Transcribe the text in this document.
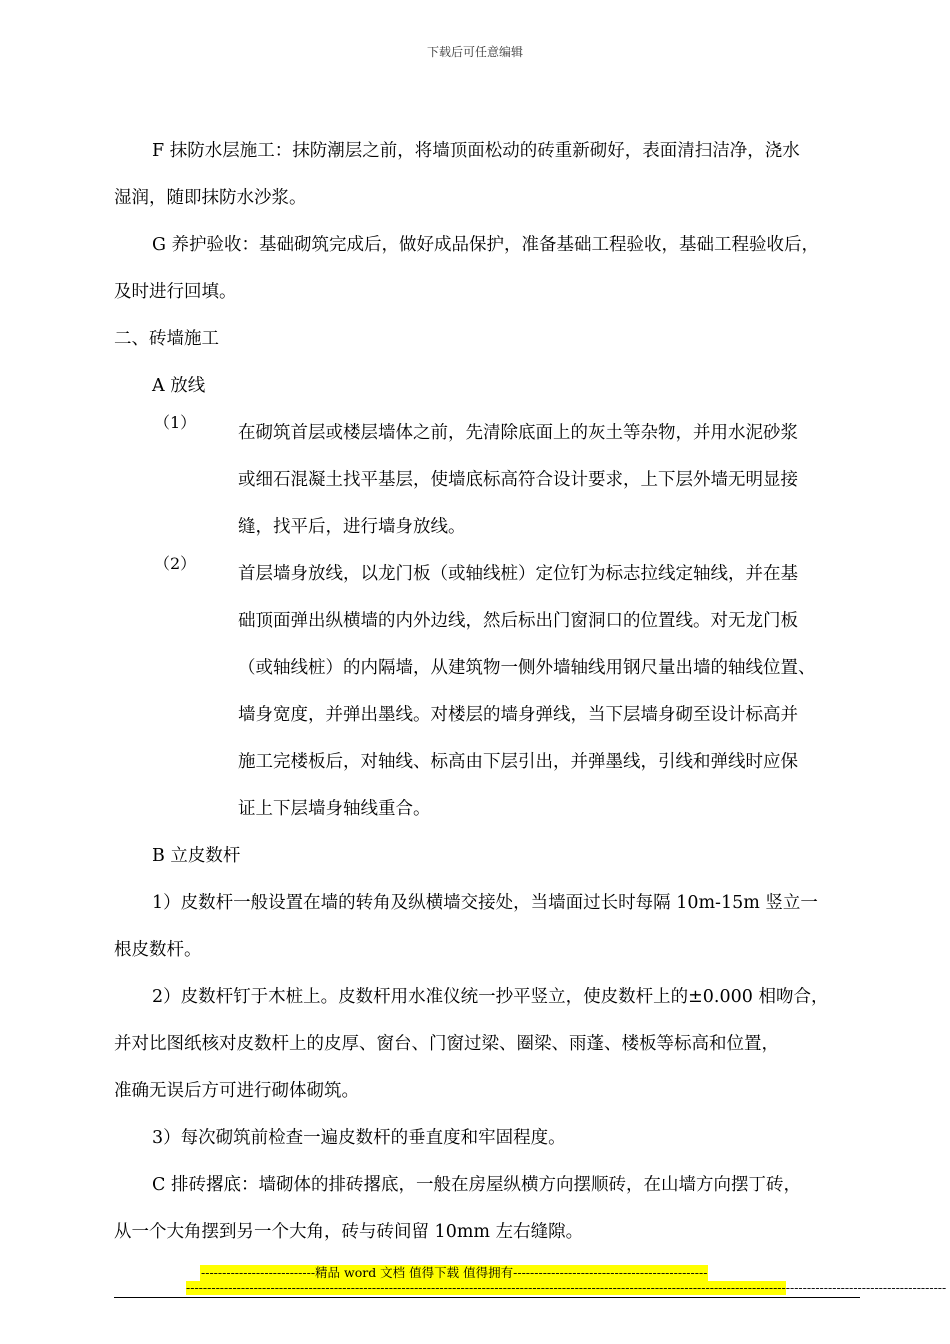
下载后可任意编辑

F 抹防水层施工：抹防潮层之前，将墙顶面松动的砖重新砌好，表面清扫洁净，浇水

湿润，随即抹防水沙浆。

G 养护验收：基础砌筑完成后，做好成品保护，准备基础工程验收，基础工程验收后，

及时进行回填。

二、砖墙施工

A 放线

（1）

在砌筑首层或楼层墙体之前，先清除底面上的灰土等杂物，并用水泥砂浆

或细石混凝土找平基层，使墙底标高符合设计要求，上下层外墙无明显接

缝，找平后，进行墙身放线。

（2）

首层墙身放线，以龙门板（或轴线桩）定位钉为标志拉线定轴线，并在基

础顶面弹出纵横墙的内外边线，然后标出门窗洞口的位置线。对无龙门板

（或轴线桩）的内隔墙，从建筑物一侧外墙轴线用钢尺量出墙的轴线位置、

墙身宽度，并弹出墨线。对楼层的墙身弹线，当下层墙身砌至设计标高并

施工完楼板后，对轴线、标高由下层引出，并弹墨线，引线和弹线时应保

证上下层墙身轴线重合。

B 立皮数杆

1）皮数杆一般设置在墙的转角及纵横墙交接处，当墙面过长时每隔 10m-15m 竖立一

根皮数杆。

2）皮数杆钉于木桩上。皮数杆用水准仪统一抄平竖立，使皮数杆上的±0.000 相吻合，

并对比图纸核对皮数杆上的皮厚、窗台、门窗过梁、圈梁、雨蓬、楼板等标高和位置，

准确无误后方可进行砌体砌筑。

3）每次砌筑前检查一遍皮数杆的垂直度和牢固程度。

C 排砖撂底：墙砌体的排砖撂底，一般在房屋纵横方向摆顺砖，在山墙方向摆丁砖，

从一个大角摆到另一个大角，砖与砖间留 10mm 左右缝隙。

---------------------------精品 word 文档 值得下载 值得拥有----------------------------------------------
------------------------------------------------------------------------------------------------------------------------------------------------------------------------------------
